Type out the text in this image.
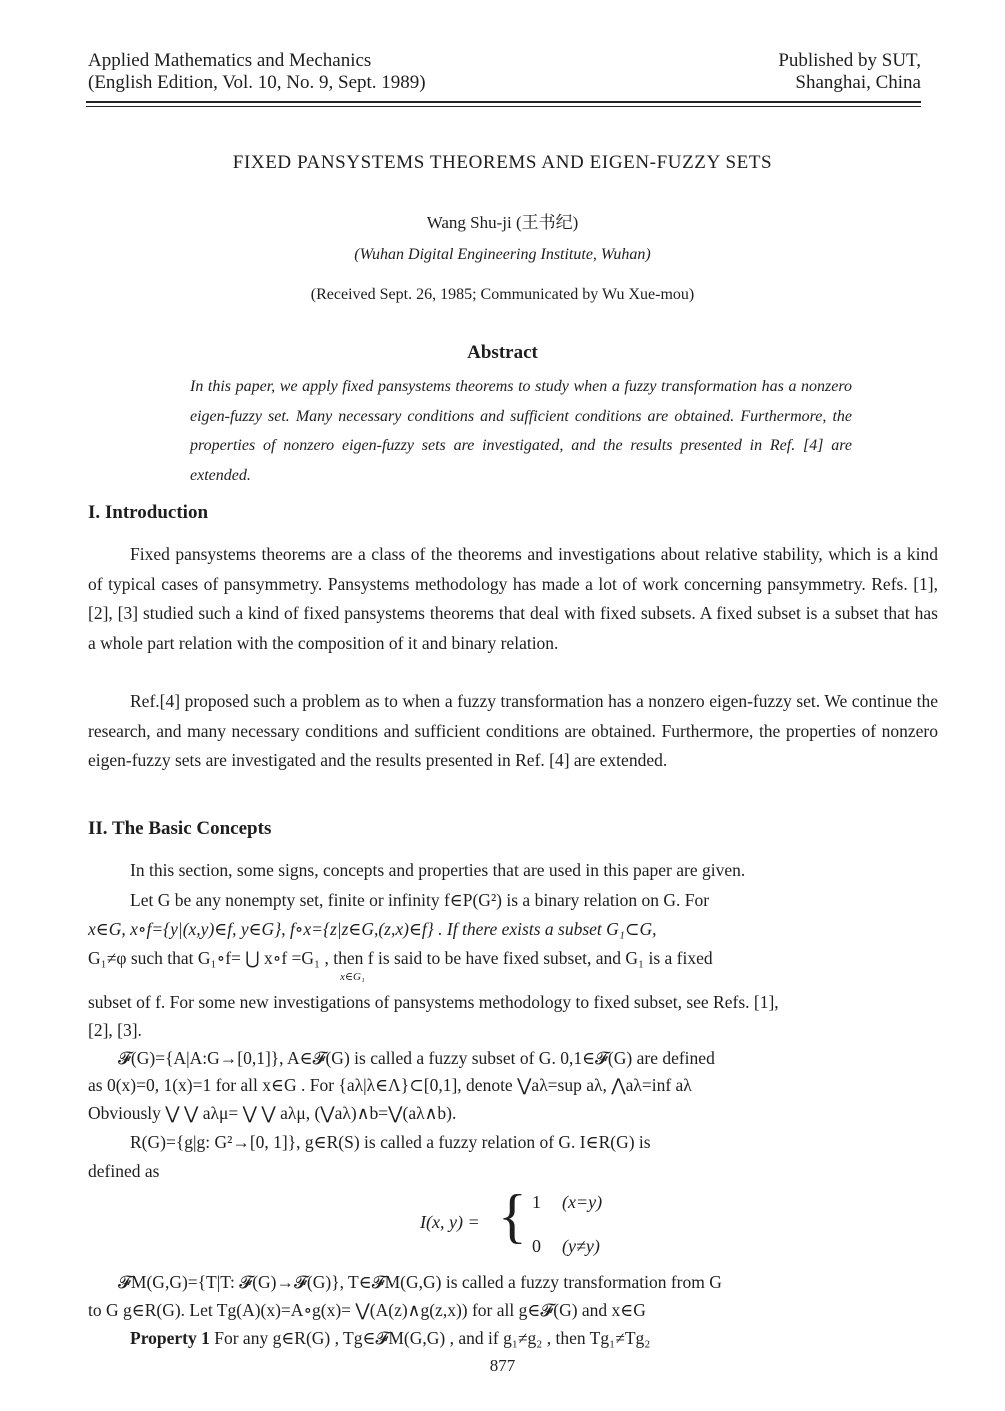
Applied Mathematics and Mechanics
(English Edition, Vol. 10, No. 9, Sept. 1989)
Published by SUT,
Shanghai, China
FIXED PANSYSTEMS THEOREMS AND EIGEN-FUZZY SETS
Wang Shu-ji (王书纪)
(Wuhan Digital Engineering Institute, Wuhan)
(Received Sept. 26, 1985; Communicated by Wu Xue-mou)
Abstract
In this paper, we apply fixed pansystems theorems to study when a fuzzy transformation has a nonzero eigen-fuzzy set. Many necessary conditions and sufficient conditions are obtained. Furthermore, the properties of nonzero eigen-fuzzy sets are investigated, and the results presented in Ref. [4] are extended.
I. Introduction
Fixed pansystems theorems are a class of the theorems and investigations about relative stability, which is a kind of typical cases of pansymmetry. Pansystems methodology has made a lot of work concerning pansymmetry. Refs. [1], [2], [3] studied such a kind of fixed pansystems theorems that deal with fixed subsets. A fixed subset is a subset that has a whole part relation with the composition of it and binary relation.
Ref.[4] proposed such a problem as to when a fuzzy transformation has a nonzero eigen-fuzzy set. We continue the research, and many necessary conditions and sufficient conditions are obtained. Furthermore, the properties of nonzero eigen-fuzzy sets are investigated and the results presented in Ref. [4] are extended.
II. The Basic Concepts
In this section, some signs, concepts and properties that are used in this paper are given.
Let G be any nonempty set, finite or infinity f∈P(G²) is a binary relation on G. For
x∈G, x∘f={y|(x,y)∈f, y∈G}, f∘x={z|z∈G,(z,x)∈f} . If there exists a subset G₁⊂G,
G₁≠φ such that G₁∘f= ⋃ x∘f =G₁ , then f is said to be have fixed subset, and G₁ is a fixed
x∈G₁
subset of f. For some new investigations of pansystems methodology to fixed subset, see Refs. [1],
[2], [3].
𝓕(G)={A|A:G→[0,1]}, A∈𝓕(G) is called a fuzzy subset of G. 0,1∈𝓕(G) are defined
as 0(x)=0, 1(x)=1 for all x∈G . For {aλ|λ∈Λ}⊂[0,1], denote ⋁aλ=sup aλ, ⋀aλ=inf aλ
Obviously ⋁ ⋁ aλμ= ⋁ ⋁ aλμ, (⋁aλ)∧b=⋁(aλ∧b).
R(G)={g|g: G²→[0, 1]}, g∈R(S) is called a fuzzy relation of G. I∈R(G) is
defined as
I(x, y) = { 1 (x=y)
0 (y≠y)
𝓕M(G,G)={T|T: 𝓕(G)→𝓕(G)}, T∈𝓕M(G,G) is called a fuzzy transformation from G
to G g∈R(G). Let Tg(A)(x)=A∘g(x)= ⋁(A(z)∧g(z,x)) for all g∈𝓕(G) and x∈G
Property 1 For any g∈R(G) , Tg∈𝓕M(G,G) , and if g₁≠g₂ , then Tg₁≠Tg₂
877
